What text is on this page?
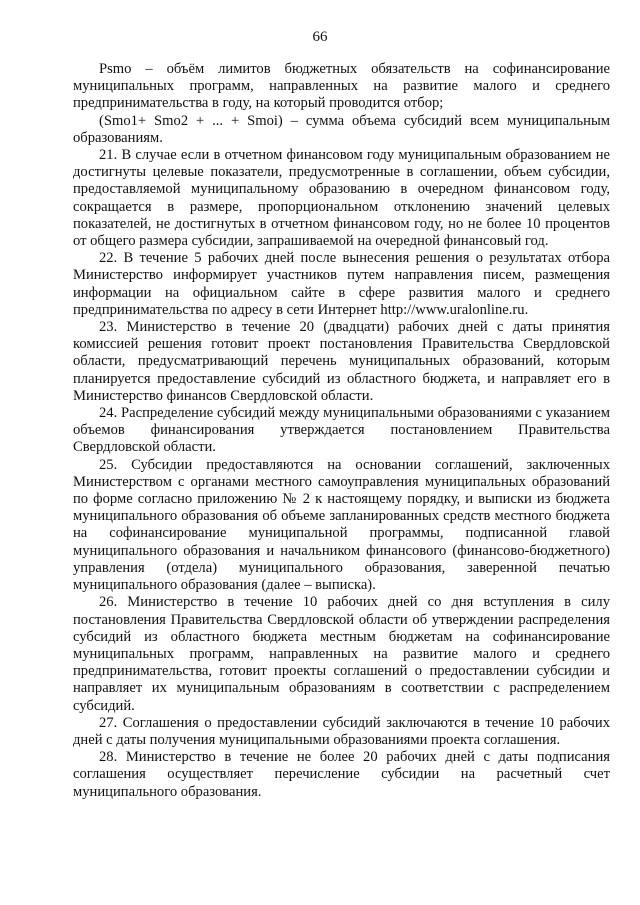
66

Psmo – объём лимитов бюджетных обязательств на софинансирование муниципальных программ, направленных на развитие малого и среднего предпринимательства в году, на который проводится отбор;

(Smo1+ Smo2 + ... + Smoi) – сумма объема субсидий всем муниципальным образованиям.

21. В случае если в отчетном финансовом году муниципальным образованием не достигнуты целевые показатели, предусмотренные в соглашении, объем субсидии, предоставляемой муниципальному образованию в очередном финансовом году, сокращается в размере, пропорциональном отклонению значений целевых показателей, не достигнутых в отчетном финансовом году, но не более 10 процентов от общего размера субсидии, запрашиваемой на очередной финансовый год.

22. В течение 5 рабочих дней после вынесения решения о результатах отбора Министерство информирует участников путем направления писем, размещения информации на официальном сайте в сфере развития малого и среднего предпринимательства по адресу в сети Интернет http://www.uralonline.ru.

23. Министерство в течение 20 (двадцати) рабочих дней с даты принятия комиссией решения готовит проект постановления Правительства Свердловской области, предусматривающий перечень муниципальных образований, которым планируется предоставление субсидий из областного бюджета, и направляет его в Министерство финансов Свердловской области.

24. Распределение субсидий между муниципальными образованиями с указанием объемов финансирования утверждается постановлением Правительства Свердловской области.

25. Субсидии предоставляются на основании соглашений, заключенных Министерством с органами местного самоуправления муниципальных образований по форме согласно приложению № 2 к настоящему порядку, и выписки из бюджета муниципального образования об объеме запланированных средств местного бюджета на софинансирование муниципальной программы, подписанной главой муниципального образования и начальником финансового (финансово-бюджетного) управления (отдела) муниципального образования, заверенной печатью муниципального образования (далее – выписка).

26. Министерство в течение 10 рабочих дней со дня вступления в силу постановления Правительства Свердловской области об утверждении распределения субсидий из областного бюджета местным бюджетам на софинансирование муниципальных программ, направленных на развитие малого и среднего предпринимательства, готовит проекты соглашений о предоставлении субсидии и направляет их муниципальным образованиям в соответствии с распределением субсидий.

27. Соглашения о предоставлении субсидий заключаются в течение 10 рабочих дней с даты получения муниципальными образованиями проекта соглашения.

28. Министерство в течение не более 20 рабочих дней с даты подписания соглашения осуществляет перечисление субсидии на расчетный счет муниципального образования.
